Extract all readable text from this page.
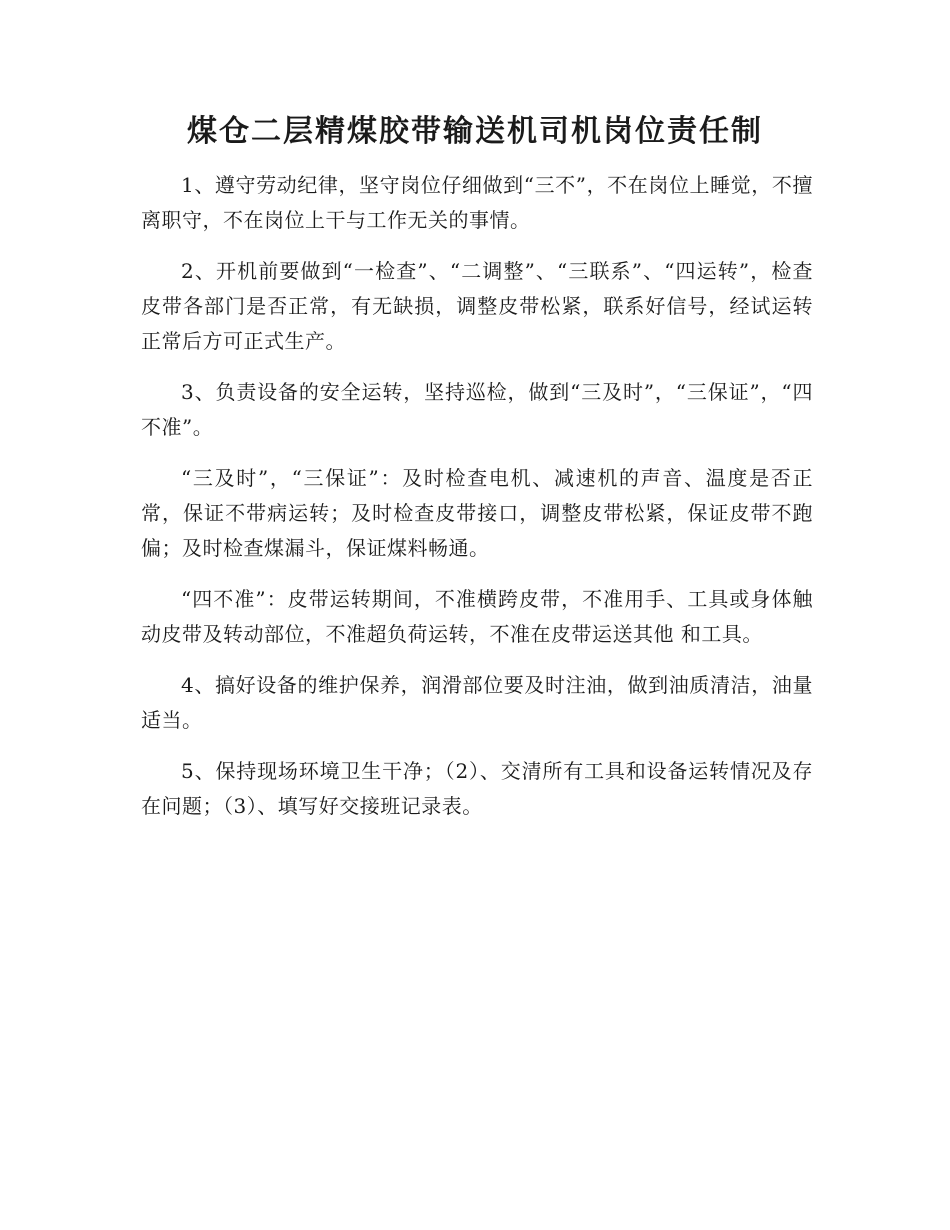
煤仓二层精煤胶带输送机司机岗位责任制

1、遵守劳动纪律，坚守岗位仔细做到“三不”，不在岗位上睡觉，不擅离职守，不在岗位上干与工作无关的事情。

2、开机前要做到“一检查”、“二调整”、“三联系”、“四运转”，检查皮带各部门是否正常，有无缺损，调整皮带松紧，联系好信号，经试运转正常后方可正式生产。

3、负责设备的安全运转，坚持巡检，做到“三及时”，“三保证”，“四不准”。

“三及时”，“三保证”：及时检查电机、减速机的声音、温度是否正常，保证不带病运转；及时检查皮带接口，调整皮带松紧，保证皮带不跑偏；及时检查煤漏斗，保证煤料畅通。

“四不准”：皮带运转期间，不准横跨皮带，不准用手、工具或身体触动皮带及转动部位，不准超负荷运转，不准在皮带运送其他 和工具。

4、搞好设备的维护保养，润滑部位要及时注油，做到油质清洁，油量适当。

5、保持现场环境卫生干净；（2）、交清所有工具和设备运转情况及存在问题；（3）、填写好交接班记录表。
